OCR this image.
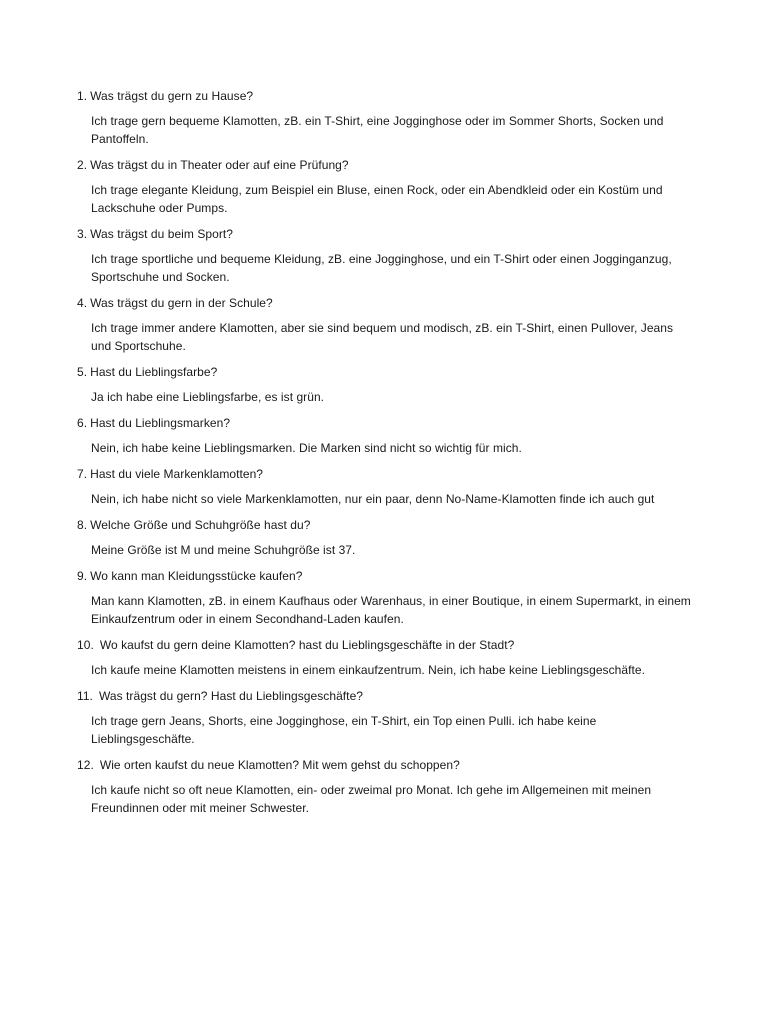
1. Was trägst du gern zu Hause?
Ich trage gern bequeme Klamotten, zB. ein T-Shirt, eine Jogginghose oder im Sommer Shorts, Socken und Pantoffeln.
2. Was trägst du in Theater oder auf eine Prüfung?
Ich trage elegante Kleidung, zum Beispiel ein Bluse, einen Rock, oder ein Abendkleid oder ein Kostüm und Lackschuhe oder Pumps.
3. Was trägst du beim Sport?
Ich trage sportliche und bequeme Kleidung, zB. eine Jogginghose, und ein T-Shirt oder einen Jogginganzug, Sportschuhe und Socken.
4. Was trägst du gern in der Schule?
Ich trage immer andere Klamotten, aber sie sind bequem und modisch, zB. ein T-Shirt, einen Pullover, Jeans und Sportschuhe.
5. Hast du Lieblingsfarbe?
Ja ich habe eine Lieblingsfarbe, es ist grün.
6. Hast du Lieblingsmarken?
Nein, ich habe keine Lieblingsmarken. Die Marken sind nicht so wichtig für mich.
7. Hast du viele Markenklamotten?
Nein, ich habe nicht so viele Markenklamotten, nur ein paar, denn No-Name-Klamotten finde ich auch gut
8. Welche Größe und Schuhgröße hast du?
Meine Größe ist M und meine Schuhgröße ist 37.
9. Wo kann man Kleidungsstücke kaufen?
Man kann Klamotten, zB. in einem Kaufhaus oder Warenhaus, in einer Boutique, in einem Supermarkt, in einem Einkaufzentrum oder in einem Secondhand-Laden kaufen.
10. Wo kaufst du gern deine Klamotten? hast du Lieblingsgeschäfte in der Stadt?
Ich kaufe meine Klamotten meistens in einem einkaufzentrum. Nein, ich habe keine Lieblingsgeschäfte.
11. Was trägst du gern? Hast du Lieblingsgeschäfte?
Ich trage gern Jeans, Shorts, eine Jogginghose, ein T-Shirt, ein Top einen Pulli. ich habe keine Lieblingsgeschäfte.
12. Wie orten kaufst du neue Klamotten? Mit wem gehst du schoppen?
Ich kaufe nicht so oft neue Klamotten, ein- oder zweimal pro Monat. Ich gehe im Allgemeinen mit meinen Freundinnen oder mit meiner Schwester.
